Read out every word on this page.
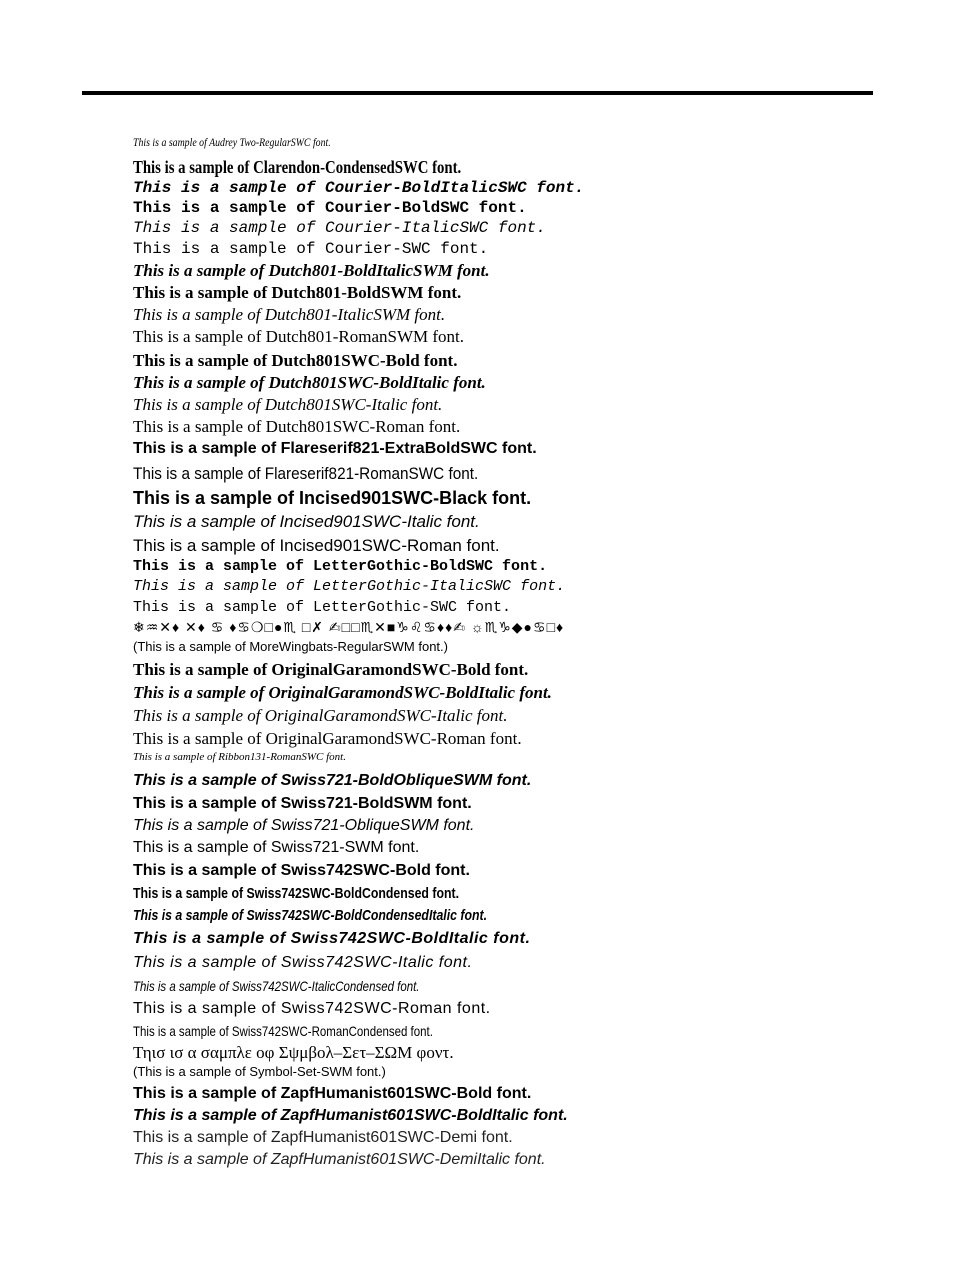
This is a sample of Audrey Two-RegularSWC font.
This is a sample of Clarendon-CondensedSWC font.
This is a sample of Courier-BoldItalicSWC font.
This is a sample of Courier-BoldSWC font.
This is a sample of Courier-ItalicSWC font.
This is a sample of Courier-SWC font.
This is a sample of Dutch801-BoldItalicSWM font.
This is a sample of Dutch801-BoldSWM font.
This is a sample of Dutch801-ItalicSWM font.
This is a sample of Dutch801-RomanSWM font.
This is a sample of Dutch801SWC-Bold font.
This is a sample of Dutch801SWC-BoldItalic font.
This is a sample of Dutch801SWC-Italic font.
This is a sample of Dutch801SWC-Roman font.
This is a sample of Flareserif821-ExtraBoldSWC font.
This is a sample of Flareserif821-RomanSWC font.
This is a sample of Incised901SWC-Black font.
This is a sample of Incised901SWC-Italic font.
This is a sample of Incised901SWC-Roman font.
This is a sample of LetterGothic-BoldSWC font.
This is a sample of LetterGothic-ItalicSWC font.
This is a sample of LetterGothic-SWC font.
❄♒✕♦ ✕♦ ♋ ♦♋❍□●♏ □✗ ✍□□♏✕■♑♌♋♦♦✍ ☼♏♑◆●♋□♦
(This is a sample of MoreWingbats-RegularSWM font.)
This is a sample of OriginalGaramondSWC-Bold font.
This is a sample of OriginalGaramondSWC-BoldItalic font.
This is a sample of OriginalGaramondSWC-Italic font.
This is a sample of OriginalGaramondSWC-Roman font.
This is a sample of Ribbon131-RomanSWC font.
This is a sample of Swiss721-BoldObliqueSWM font.
This is a sample of Swiss721-BoldSWM font.
This is a sample of Swiss721-ObliqueSWM font.
This is a sample of Swiss721-SWM font.
This is a sample of Swiss742SWC-Bold font.
This is a sample of Swiss742SWC-BoldCondensed font.
This is a sample of Swiss742SWC-BoldCondensedItalic font.
This is a sample of Swiss742SWC-BoldItalic font.
This is a sample of Swiss742SWC-Italic font.
This is a sample of Swiss742SWC-ItalicCondensed font.
This is a sample of Swiss742SWC-Roman font.
This is a sample of Swiss742SWC-RomanCondensed font.
Τηισ ισ α σαμπλε οφ Σψμβολ–Σετ–ΣΩΜ φοντ.
(This is a sample of Symbol-Set-SWM font.)
This is a sample of ZapfHumanist601SWC-Bold font.
This is a sample of ZapfHumanist601SWC-BoldItalic font.
This is a sample of ZapfHumanist601SWC-Demi font.
This is a sample of ZapfHumanist601SWC-DemiItalic font.
